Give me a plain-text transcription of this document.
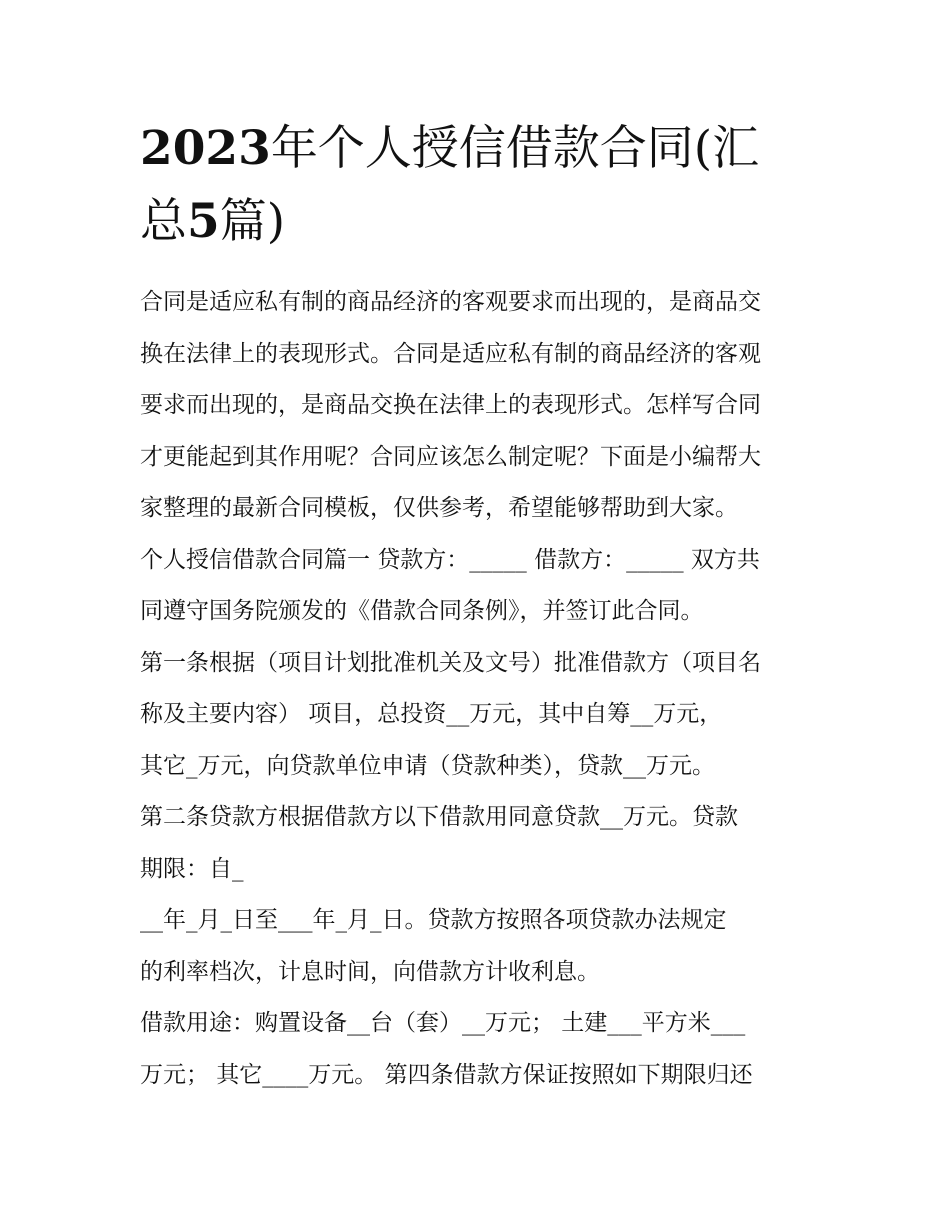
2023年个人授信借款合同(汇
总5篇)
合同是适应私有制的商品经济的客观要求而出现的，是商品交
换在法律上的表现形式。合同是适应私有制的商品经济的客观
要求而出现的，是商品交换在法律上的表现形式。怎样写合同
才更能起到其作用呢？合同应该怎么制定呢？下面是小编帮大
家整理的最新合同模板，仅供参考，希望能够帮助到大家。
个人授信借款合同篇一 贷款方：_____ 借款方：_____ 双方共
同遵守国务院颁发的《借款合同条例》，并签订此合同。
第一条根据（项目计划批准机关及文号）批准借款方（项目名
称及主要内容） 项目，总投资__万元，其中自筹__万元，
其它_万元，向贷款单位申请（贷款种类），贷款__万元。
第二条贷款方根据借款方以下借款用同意贷款__万元。贷款
期限：自_
__年_月_日至___年_月_日。贷款方按照各项贷款办法规定
的利率档次，计息时间，向借款方计收利息。
借款用途：购置设备__台（套）__万元； 土建___平方米___
万元； 其它____万元。 第四条借款方保证按照如下期限归还
